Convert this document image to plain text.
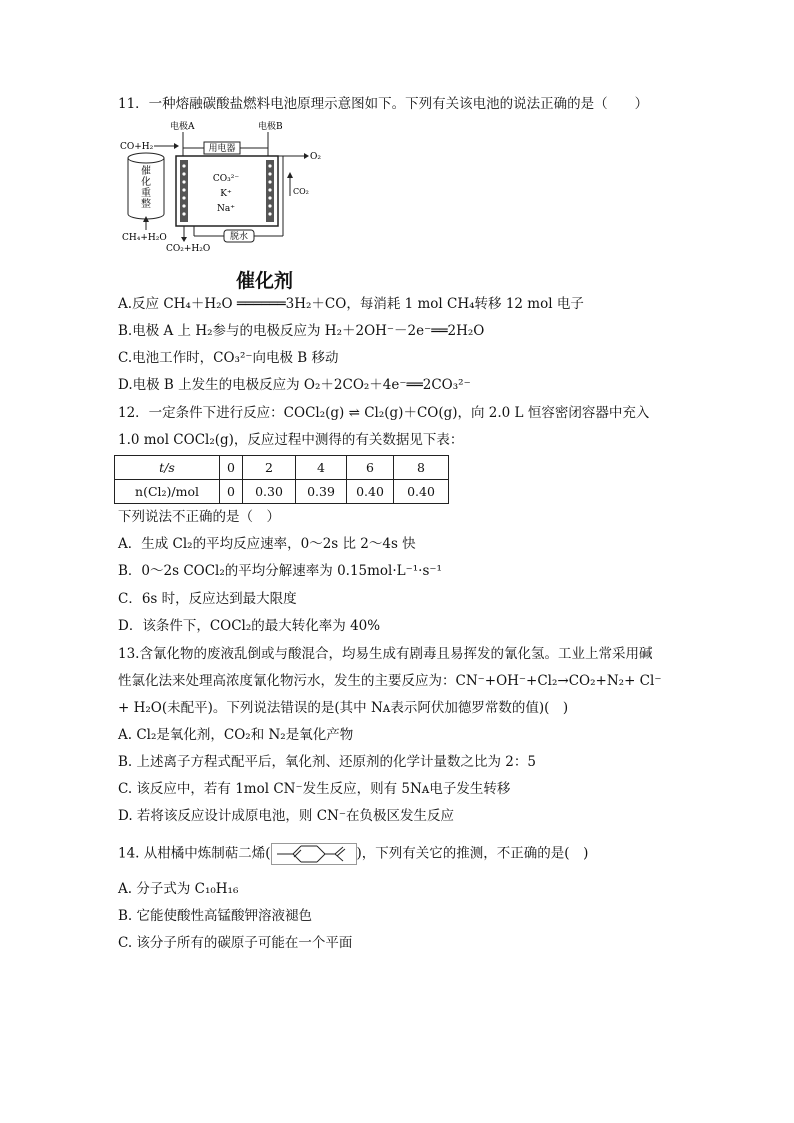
11．一种熔融碳酸盐燃料电池原理示意图如下。下列有关该电池的说法正确的是（　　）
催
化
重
整
CO+H₂
CH₄+H₂O
电极A	电极B
用电器
CO₃²⁻
K⁺
Na⁺
O₂
CO₂
CO₂+H₂O
脱水
催化剂
A.反应 CH₄＋H₂O ══════3H₂＋CO，每消耗 1 mol CH₄转移 12 mol 电子
B.电极 A 上 H₂参与的电极反应为 H₂＋2OH⁻－2e⁻══2H₂O
C.电池工作时，CO₃²⁻向电极 B 移动
D.电极 B 上发生的电极反应为 O₂＋2CO₂＋4e⁻══2CO₃²⁻
12．一定条件下进行反应：COCl₂(g) ⇌ Cl₂(g)＋CO(g)，向 2.0 L 恒容密闭容器中充入
1.0 mol COCl₂(g)，反应过程中测得的有关数据见下表：
t/s	0	2	4	6	8
n(Cl₂)/mol	0	0.30	0.39	0.40	0.40
下列说法不正确的是（　）
A．生成 Cl₂的平均反应速率，0～2s 比 2～4s 快
B．0～2s COCl₂的平均分解速率为 0.15mol·L⁻¹·s⁻¹
C．6s 时，反应达到最大限度
D．该条件下，COCl₂的最大转化率为 40%
13.含氰化物的废液乱倒或与酸混合，均易生成有剧毒且易挥发的氰化氢。工业上常采用碱
性氯化法来处理高浓度氰化物污水，发生的主要反应为：CN⁻+OH⁻+Cl₂→CO₂+N₂+ Cl⁻
+ H₂O(未配平)。下列说法错误的是(其中 Nᴀ表示阿伏加德罗常数的值)(　)
A. Cl₂是氧化剂，CO₂和 N₂是氧化产物
B. 上述离子方程式配平后，氧化剂、还原剂的化学计量数之比为 2：5
C. 该反应中，若有 1mol CN⁻发生反应，则有 5Nᴀ电子发生转移
D. 若将该反应设计成原电池，则 CN⁻在负极区发生反应
14. 从柑橘中炼制萜二烯(	)，下列有关它的推测，不正确的是(　)
A. 分子式为 C₁₀H₁₆
B. 它能使酸性高锰酸钾溶液褪色
C. 该分子所有的碳原子可能在一个平面
